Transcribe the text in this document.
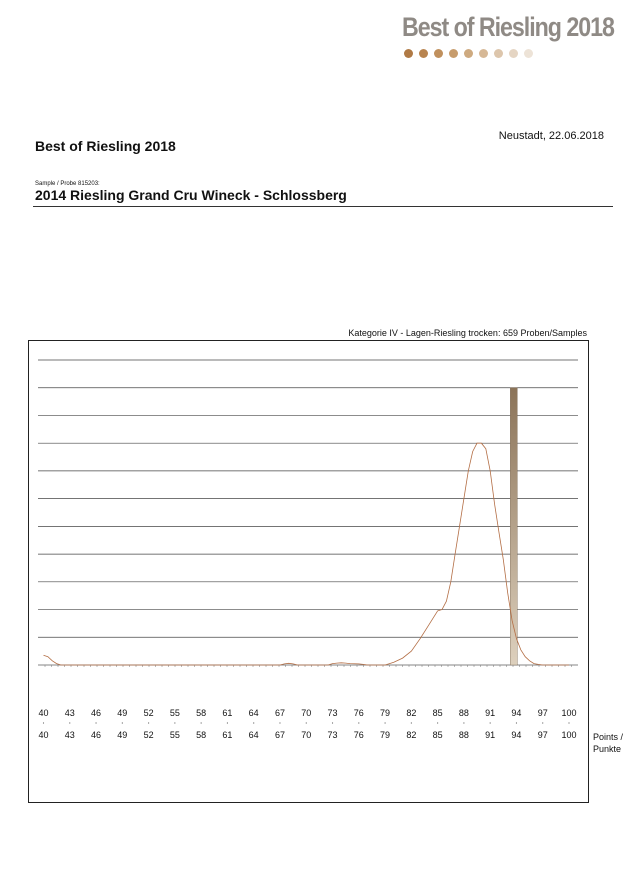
Best of Riesling 2018
Neustadt, 22.06.2018
Best of Riesling 2018
Sample / Probe 815203:
2014 Riesling Grand Cru Wineck - Schlossberg
Kategorie IV - Lagen-Riesling trocken: 659 Proben/Samples
40 43 46 49 52 55 58 61 64 67 70 73 76 79 82 85 88 91 94 97 100
40 43 46 49 52 55 58 61 64 67 70 73 76 79 82 85 88 91 94 97 100 Points / Punkte
